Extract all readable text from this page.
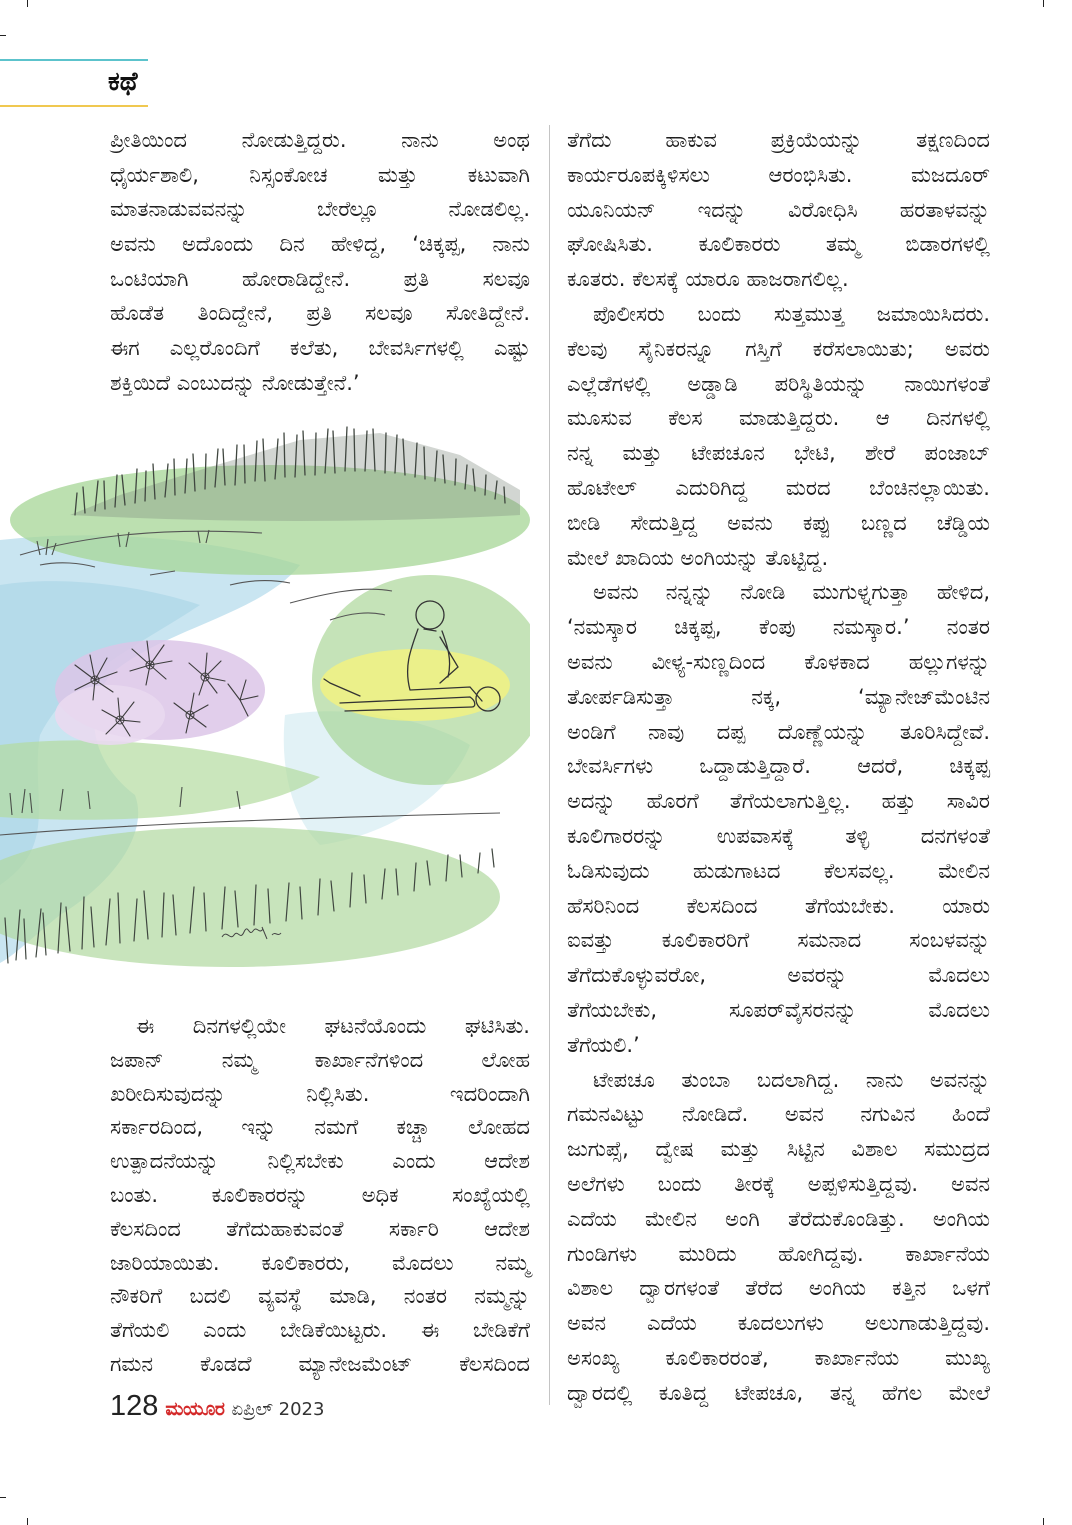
ಕಥೆ
ಪ್ರೀತಿಯಿಂದ ನೋಡುತ್ತಿದ್ದರು. ನಾನು ಅಂಥ
ಧೈರ್ಯಶಾಲಿ, ನಿಸ್ಸಂಕೋಚ ಮತ್ತು ಕಟುವಾಗಿ
ಮಾತನಾಡುವವನನ್ನು ಬೇರೆಲ್ಲೂ ನೋಡಲಿಲ್ಲ.
ಅವನು ಅದೊಂದು ದಿನ ಹೇಳಿದ್ದ, ‘ಚಿಕ್ಕಪ್ಪ, ನಾನು
ಒಂಟಿಯಾಗಿ ಹೋರಾಡಿದ್ದೇನೆ. ಪ್ರತಿ ಸಲವೂ
ಹೊಡೆತ ತಿಂದಿದ್ದೇನೆ, ಪ್ರತಿ ಸಲವೂ ಸೋತಿದ್ದೇನೆ.
ಈಗ ಎಲ್ಲರೊಂದಿಗೆ ಕಲೆತು, ಬೇವರ್ಸಿಗಳಲ್ಲಿ ಎಷ್ಟು
ಶಕ್ತಿಯಿದೆ ಎಂಬುದನ್ನು ನೋಡುತ್ತೇನೆ.’
ಈ ದಿನಗಳಲ್ಲಿಯೇ ಘಟನೆಯೊಂದು ಘಟಿಸಿತು.
ಜಪಾನ್ ನಮ್ಮ ಕಾರ್ಖಾನೆಗಳಿಂದ ಲೋಹ
ಖರೀದಿಸುವುದನ್ನು ನಿಲ್ಲಿಸಿತು. ಇದರಿಂದಾಗಿ
ಸರ್ಕಾರದಿಂದ, ಇನ್ನು ನಮಗೆ ಕಚ್ಚಾ ಲೋಹದ
ಉತ್ಪಾದನೆಯನ್ನು ನಿಲ್ಲಿಸಬೇಕು ಎಂದು ಆದೇಶ
ಬಂತು. ಕೂಲಿಕಾರರನ್ನು ಅಧಿಕ ಸಂಖ್ಯೆಯಲ್ಲಿ
ಕೆಲಸದಿಂದ ತೆಗೆದುಹಾಕುವಂತೆ ಸರ್ಕಾರಿ ಆದೇಶ
ಜಾರಿಯಾಯಿತು. ಕೂಲಿಕಾರರು, ಮೊದಲು ನಮ್ಮ
ನೌಕರಿಗೆ ಬದಲಿ ವ್ಯವಸ್ಥೆ ಮಾಡಿ, ನಂತರ ನಮ್ಮನ್ನು
ತೆಗೆಯಲಿ ಎಂದು ಬೇಡಿಕೆಯಿಟ್ಟರು. ಈ ಬೇಡಿಕೆಗೆ
ಗಮನ ಕೊಡದೆ ಮ್ಯಾನೇಜಮೆಂಟ್ ಕೆಲಸದಿಂದ
ತೆಗೆದು ಹಾಕುವ ಪ್ರಕ್ರಿಯೆಯನ್ನು ತಕ್ಷಣದಿಂದ
ಕಾರ್ಯರೂಪಕ್ಕಿಳಿಸಲು ಆರಂಭಿಸಿತು. ಮಜದೂರ್
ಯೂನಿಯನ್ ಇದನ್ನು ವಿರೋಧಿಸಿ ಹರತಾಳವನ್ನು
ಘೋಷಿಸಿತು. ಕೂಲಿಕಾರರು ತಮ್ಮ ಬಿಡಾರಗಳಲ್ಲಿ
ಕೂತರು. ಕೆಲಸಕ್ಕೆ ಯಾರೂ ಹಾಜರಾಗಲಿಲ್ಲ.
ಪೊಲೀಸರು ಬಂದು ಸುತ್ತಮುತ್ತ ಜಮಾಯಿಸಿದರು.
ಕೆಲವು ಸೈನಿಕರನ್ನೂ ಗಸ್ತಿಗೆ ಕರೆಸಲಾಯಿತು; ಅವರು
ಎಲ್ಲೆಡೆಗಳಲ್ಲಿ ಅಡ್ಡಾಡಿ ಪರಿಸ್ಥಿತಿಯನ್ನು ನಾಯಿಗಳಂತೆ
ಮೂಸುವ ಕೆಲಸ ಮಾಡುತ್ತಿದ್ದರು. ಆ ದಿನಗಳಲ್ಲಿ
ನನ್ನ ಮತ್ತು ಟೇಪಚೂನ ಭೇಟಿ, ಶೇರೆ ಪಂಜಾಬ್
ಹೊಟೇಲ್ ಎದುರಿಗಿದ್ದ ಮರದ ಬೆಂಚಿನಲ್ಲಾಯಿತು.
ಬೀಡಿ ಸೇದುತ್ತಿದ್ದ ಅವನು ಕಪ್ಪು ಬಣ್ಣದ ಚೆಡ್ಡಿಯ
ಮೇಲೆ ಖಾದಿಯ ಅಂಗಿಯನ್ನು ತೊಟ್ಟಿದ್ದ.
ಅವನು ನನ್ನನ್ನು ನೋಡಿ ಮುಗುಳ್ನಗುತ್ತಾ ಹೇಳಿದ,
‘ನಮಸ್ಕಾರ ಚಿಕ್ಕಪ್ಪ, ಕೆಂಪು ನಮಸ್ಕಾರ.’ ನಂತರ
ಅವನು ವೀಳ್ಯ-ಸುಣ್ಣದಿಂದ ಕೊಳಕಾದ ಹಲ್ಲುಗಳನ್ನು
ತೋರ್ಪಡಿಸುತ್ತಾ ನಕ್ಕ, ‘ಮ್ಯಾನೇಜ್‌ಮೆಂಟಿನ
ಅಂಡಿಗೆ ನಾವು ದಪ್ಪ ದೊಣ್ಣೆಯನ್ನು ತೂರಿಸಿದ್ದೇವೆ.
ಬೇವರ್ಸಿಗಳು ಒದ್ದಾಡುತ್ತಿದ್ದಾರೆ. ಆದರೆ, ಚಿಕ್ಕಪ್ಪ
ಅದನ್ನು ಹೊರಗೆ ತೆಗೆಯಲಾಗುತ್ತಿಲ್ಲ. ಹತ್ತು ಸಾವಿರ
ಕೂಲಿಗಾರರನ್ನು ಉಪವಾಸಕ್ಕೆ ತಳ್ಳಿ ದನಗಳಂತೆ
ಓಡಿಸುವುದು ಹುಡುಗಾಟದ ಕೆಲಸವಲ್ಲ. ಮೇಲಿನ
ಹೆಸರಿನಿಂದ ಕೆಲಸದಿಂದ ತೆಗೆಯಬೇಕು. ಯಾರು
ಐವತ್ತು ಕೂಲಿಕಾರರಿಗೆ ಸಮನಾದ ಸಂಬಳವನ್ನು
ತೆಗೆದುಕೊಳ್ಳುವರೋ, ಅವರನ್ನು ಮೊದಲು
ತೆಗೆಯಬೇಕು, ಸೂಪರ್‌ವೈಸರನನ್ನು ಮೊದಲು
ತೆಗೆಯಲಿ.’
ಟೇಪಚೂ ತುಂಬಾ ಬದಲಾಗಿದ್ದ. ನಾನು ಅವನನ್ನು
ಗಮನವಿಟ್ಟು ನೋಡಿದೆ. ಅವನ ನಗುವಿನ ಹಿಂದೆ
ಜುಗುಪ್ಸೆ, ದ್ವೇಷ ಮತ್ತು ಸಿಟ್ಟಿನ ವಿಶಾಲ ಸಮುದ್ರದ
ಅಲೆಗಳು ಬಂದು ತೀರಕ್ಕೆ ಅಪ್ಪಳಿಸುತ್ತಿದ್ದವು. ಅವನ
ಎದೆಯ ಮೇಲಿನ ಅಂಗಿ ತೆರೆದುಕೊಂಡಿತ್ತು. ಅಂಗಿಯ
ಗುಂಡಿಗಳು ಮುರಿದು ಹೋಗಿದ್ದವು. ಕಾರ್ಖಾನೆಯ
ವಿಶಾಲ ದ್ವಾರಗಳಂತೆ ತೆರೆದ ಅಂಗಿಯ ಕತ್ತಿನ ಒಳಗೆ
ಅವನ ಎದೆಯ ಕೂದಲುಗಳು ಅಲುಗಾಡುತ್ತಿದ್ದವು.
ಅಸಂಖ್ಯ ಕೂಲಿಕಾರರಂತೆ, ಕಾರ್ಖಾನೆಯ ಮುಖ್ಯ
ದ್ವಾರದಲ್ಲಿ ಕೂತಿದ್ದ ಟೇಪಚೂ, ತನ್ನ ಹೆಗಲ ಮೇಲೆ
128 ಮಯೂರ ಏಪ್ರಿಲ್ 2023
